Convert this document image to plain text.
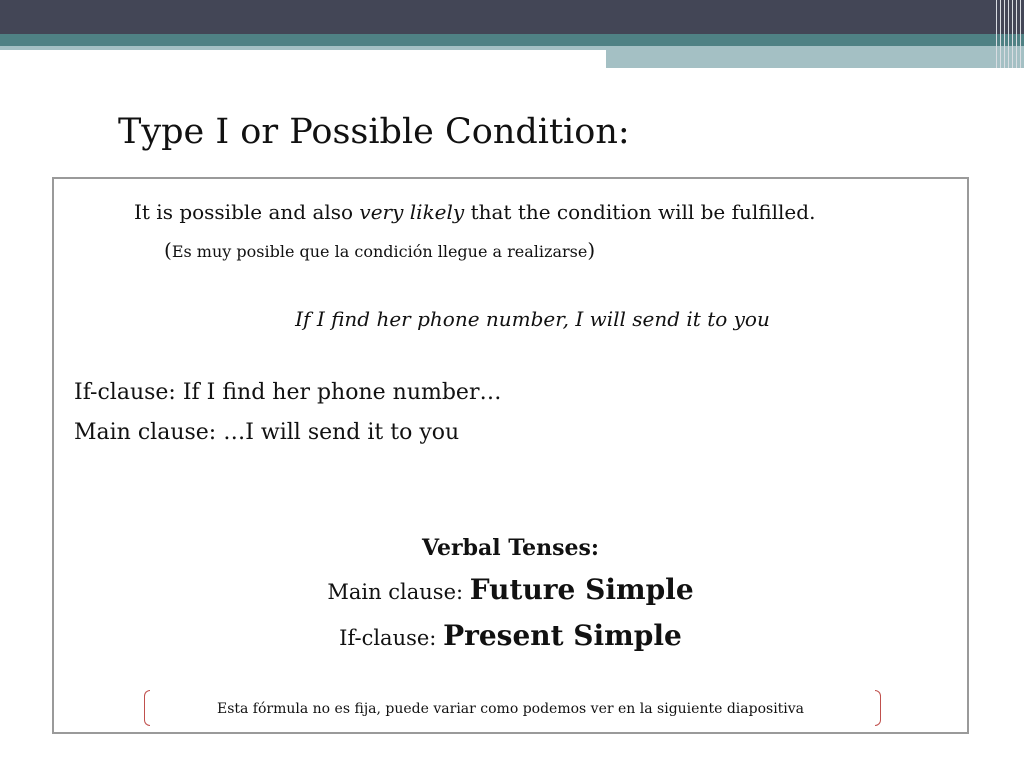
Type I or Possible Condition:
It is possible and also very likely that the condition will be fulfilled.
(Es muy posible que la condición llegue a realizarse)
If I find her phone number, I will send it to you
If-clause: If I find her phone number…
Main clause: …I will send it to you
Verbal Tenses:
Main clause: Future Simple
If-clause: Present Simple
Esta fórmula no es fija, puede variar como podemos ver en la siguiente diapositiva
